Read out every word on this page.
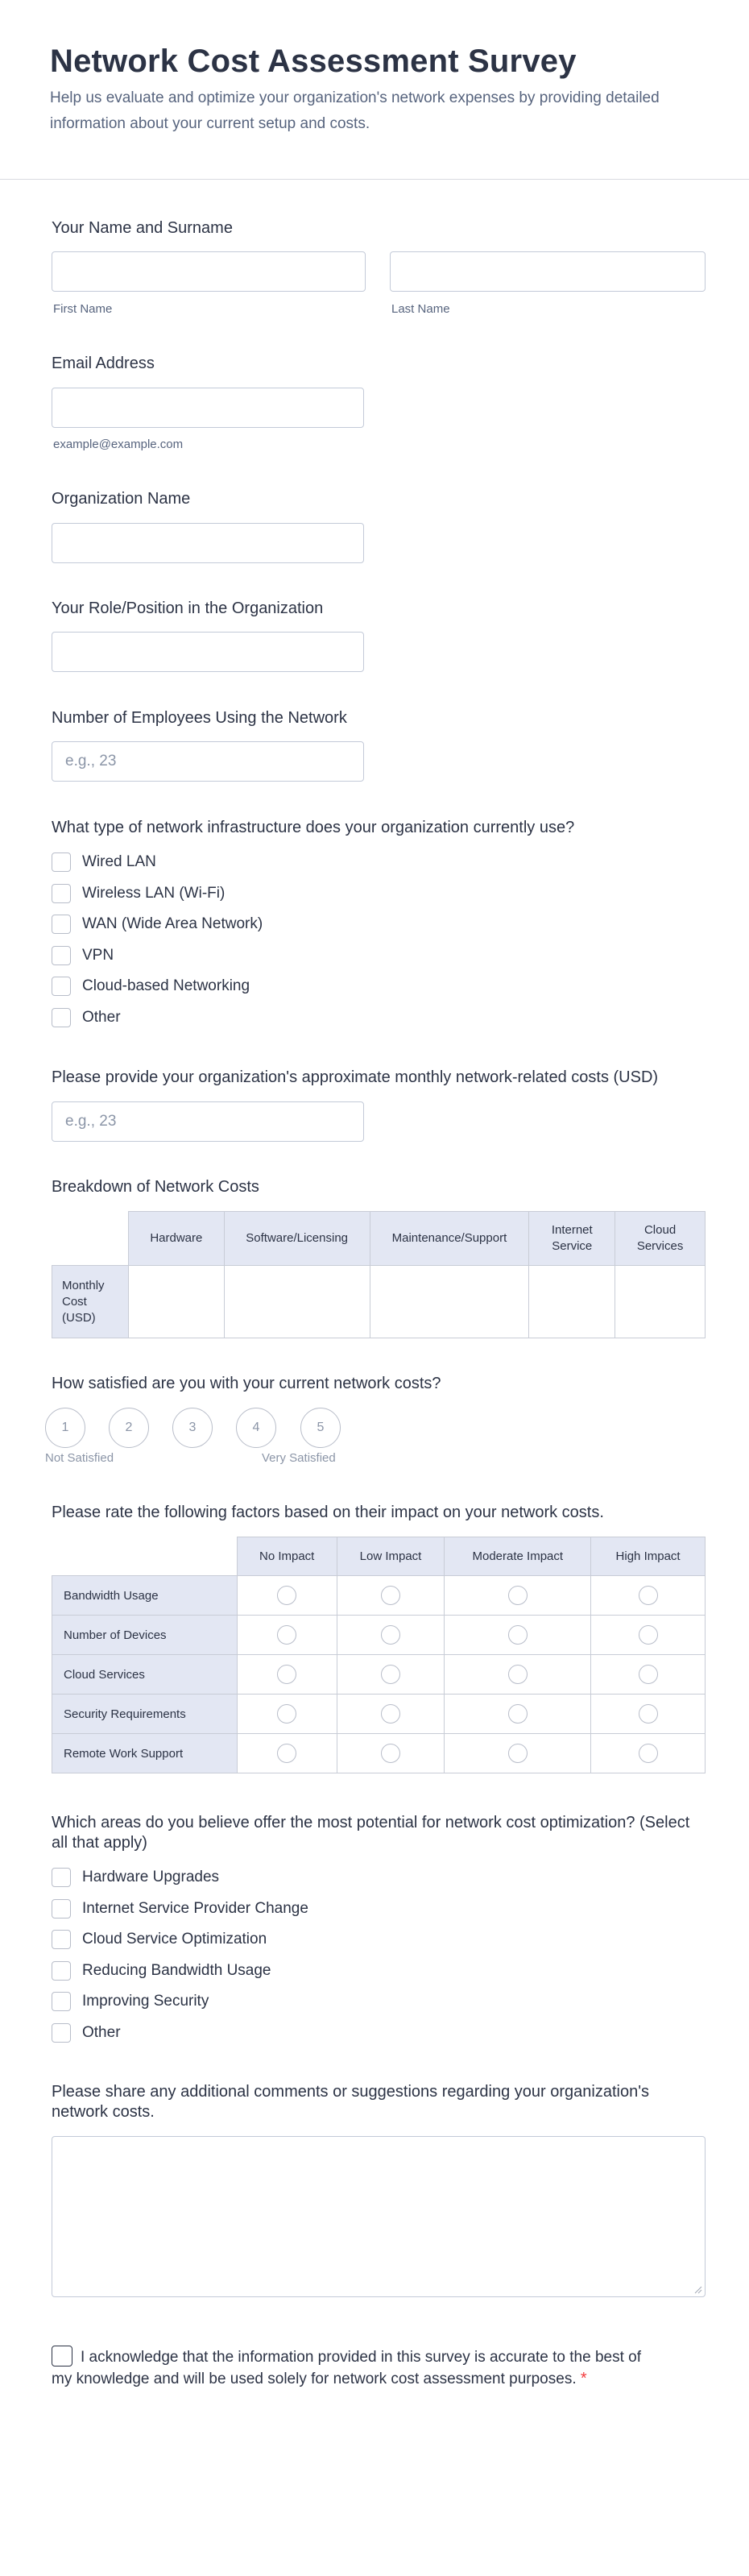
Network Cost Assessment Survey

Help us evaluate and optimize your organization's network expenses by providing detailed information about your current setup and costs.

Your Name and Surname
First Name	Last Name
Email Address
example@example.com
Organization Name
Your Role/Position in the Organization
Number of Employees Using the Network
e.g., 23
What type of network infrastructure does your organization currently use?
Wired LAN
Wireless LAN (Wi-Fi)
WAN (Wide Area Network)
VPN
Cloud-based Networking
Other
Please provide your organization's approximate monthly network-related costs (USD)
e.g., 23
Breakdown of Network Costs
	Hardware	Software/Licensing	Maintenance/Support	Internet Service	Cloud Services
Monthly Cost (USD)					
How satisfied are you with your current network costs?
1	2	3	4	5
Not Satisfied	Very Satisfied
Please rate the following factors based on their impact on your network costs.
	No Impact	Low Impact	Moderate Impact	High Impact
Bandwidth Usage				
Number of Devices				
Cloud Services				
Security Requirements				
Remote Work Support				
Which areas do you believe offer the most potential for network cost optimization? (Select all that apply)
Hardware Upgrades
Internet Service Provider Change
Cloud Service Optimization
Reducing Bandwidth Usage
Improving Security
Other
Please share any additional comments or suggestions regarding your organization's network costs.
I acknowledge that the information provided in this survey is accurate to the best of my knowledge and will be used solely for network cost assessment purposes. *
